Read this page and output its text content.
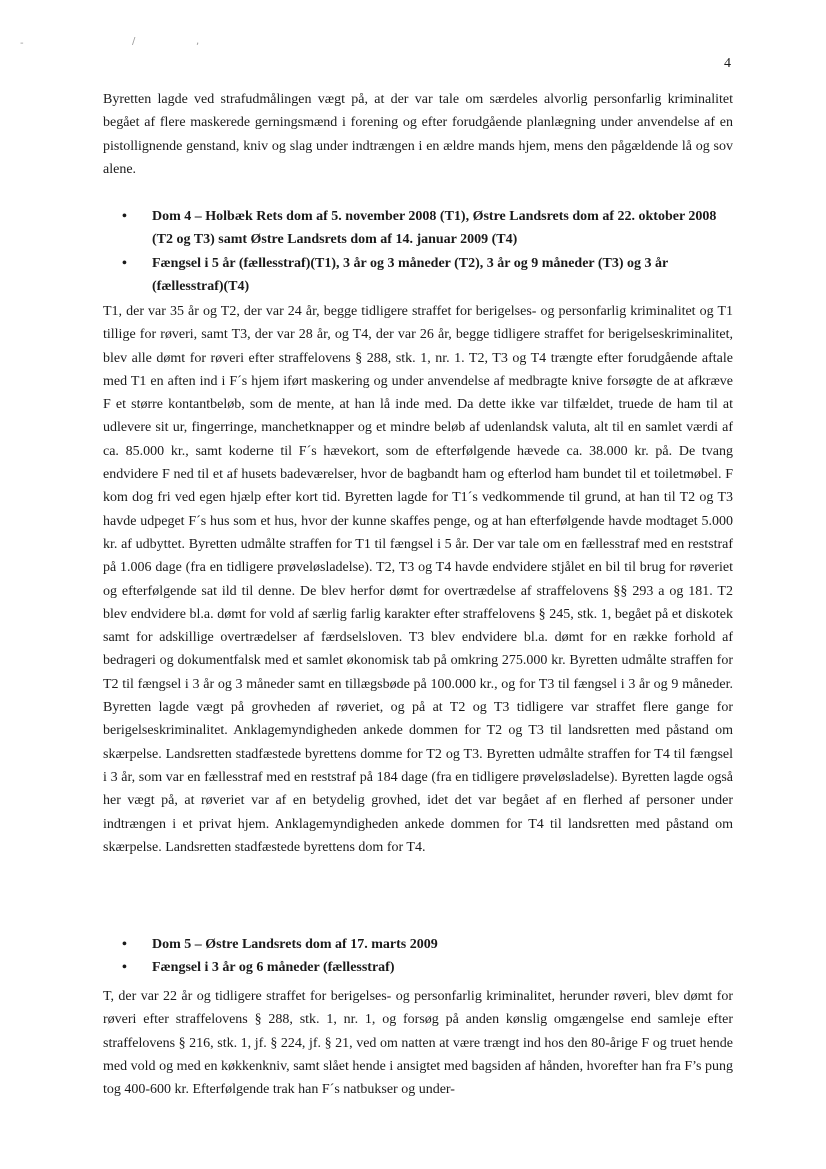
-	/	,
4

Byretten lagde ved strafudmålingen vægt på, at der var tale om særdeles alvorlig personfarlig kriminalitet begået af flere maskerede gerningsmænd i forening og efter forudgående planlægning under anvendelse af en pistollignende genstand, kniv og slag under indtrængen i en ældre mands hjem, mens den pågældende lå og sov alene.

• Dom 4 – Holbæk Rets dom af 5. november 2008 (T1), Østre Landsrets dom af 22. oktober 2008 (T2 og T3) samt Østre Landsrets dom af 14. januar 2009 (T4)
• Fængsel i 5 år (fællesstraf)(T1), 3 år og 3 måneder (T2), 3 år og 9 måneder (T3) og 3 år (fællesstraf)(T4)

T1, der var 35 år og T2, der var 24 år, begge tidligere straffet for berigelses- og personfarlig kriminalitet og T1 tillige for røveri, samt T3, der var 28 år, og T4, der var 26 år, begge tidligere straffet for berigelseskriminalitet, blev alle dømt for røveri efter straffelovens § 288, stk. 1, nr. 1. T2, T3 og T4 trængte efter forudgående aftale med T1 en aften ind i F´s hjem iført maskering og under anvendelse af medbragte knive forsøgte de at afkræve F et større kontantbeløb, som de mente, at han lå inde med. Da dette ikke var tilfældet, truede de ham til at udlevere sit ur, fingerringe, manchetknapper og et mindre beløb af udenlandsk valuta, alt til en samlet værdi af ca. 85.000 kr., samt koderne til F´s hævekort, som de efterfølgende hævede ca. 38.000 kr. på. De tvang endvidere F ned til et af husets badeværelser, hvor de bagbandt ham og efterlod ham bundet til et toiletmøbel. F kom dog fri ved egen hjælp efter kort tid. Byretten lagde for T1´s vedkommende til grund, at han til T2 og T3 havde udpeget F´s hus som et hus, hvor der kunne skaffes penge, og at han efterfølgende havde modtaget 5.000 kr. af udbyttet. Byretten udmålte straffen for T1 til fængsel i 5 år. Der var tale om en fællesstraf med en reststraf på 1.006 dage (fra en tidligere prøveløsladelse). T2, T3 og T4 havde endvidere stjålet en bil til brug for røveriet og efterfølgende sat ild til denne. De blev herfor dømt for overtrædelse af straffelovens §§ 293 a og 181. T2 blev endvidere bl.a. dømt for vold af særlig farlig karakter efter straffelovens § 245, stk. 1, begået på et diskotek samt for adskillige overtrædelser af færdselsloven. T3 blev endvidere bl.a. dømt for en række forhold af bedrageri og dokumentfalsk med et samlet økonomisk tab på omkring 275.000 kr. Byretten udmålte straffen for T2 til fængsel i 3 år og 3 måneder samt en tillægsbøde på 100.000 kr., og for T3 til fængsel i 3 år og 9 måneder. Byretten lagde vægt på grovheden af røveriet, og på at T2 og T3 tidligere var straffet flere gange for berigelseskriminalitet. Anklagemyndigheden ankede dommen for T2 og T3 til landsretten med påstand om skærpelse. Landsretten stadfæstede byrettens domme for T2 og T3. Byretten udmålte straffen for T4 til fængsel i 3 år, som var en fællesstraf med en reststraf på 184 dage (fra en tidligere prøveløsladelse). Byretten lagde også her vægt på, at røveriet var af en betydelig grovhed, idet det var begået af en flerhed af personer under indtrængen i et privat hjem. Anklagemyndigheden ankede dommen for T4 til landsretten med påstand om skærpelse. Landsretten stadfæstede byrettens dom for T4.

• Dom 5 – Østre Landsrets dom af 17. marts 2009
• Fængsel i 3 år og 6 måneder (fællesstraf)

T, der var 22 år og tidligere straffet for berigelses- og personfarlig kriminalitet, herunder røveri, blev dømt for røveri efter straffelovens § 288, stk. 1, nr. 1, og forsøg på anden kønslig omgængelse end samleje efter straffelovens § 216, stk. 1, jf. § 224, jf. § 21, ved om natten at være trængt ind hos den 80-årige F og truet hende med vold og med en køkkenkniv, samt slået hende i ansigtet med bagsiden af hånden, hvorefter han fra F’s pung tog 400-600 kr. Efterfølgende trak han F´s natbukser og under-
